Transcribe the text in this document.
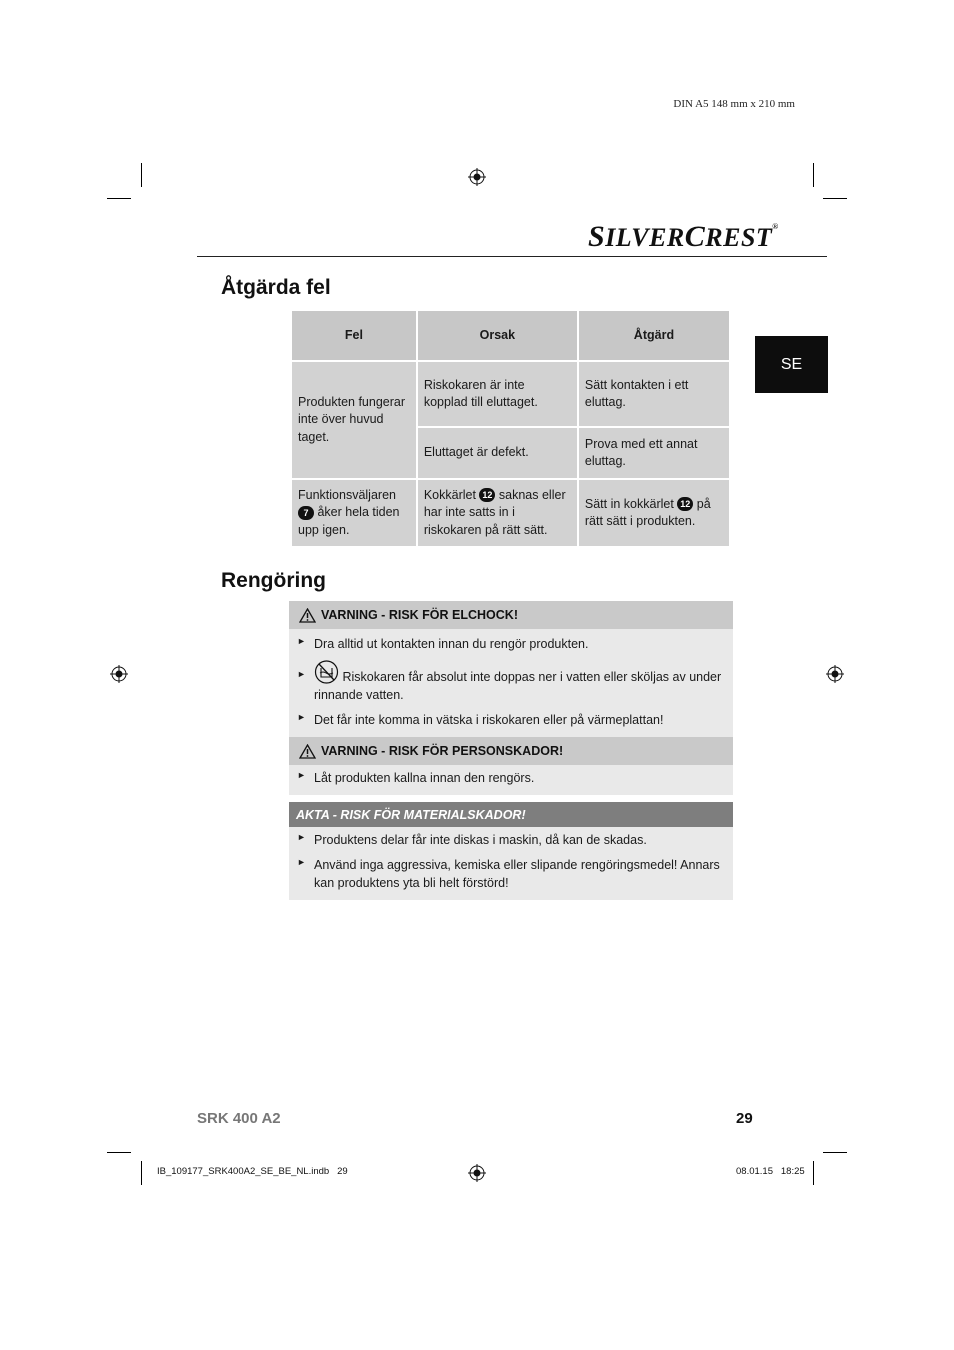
DIN A5 148 mm x 210 mm
SILVERCREST®
SE
Åtgärda fel
Fel	Orsak	Åtgärd
Produkten fungerar inte över huvud taget.	Riskokaren är inte kopplad till eluttaget.	Sätt kontakten i ett eluttag.
	Eluttaget är defekt.	Prova med ett annat eluttag.
Funktionsväljaren 7 åker hela tiden upp igen.	Kokkärlet 12 saknas eller har inte satts in i riskokaren på rätt sätt.	Sätt in kokkärlet 12 på rätt sätt i produkten.
Rengöring
VARNING - RISK FÖR ELCHOCK!
► Dra alltid ut kontakten innan du rengör produkten.
►	Riskokaren får absolut inte doppas ner i vatten eller sköljas av under rinnande vatten.
► Det får inte komma in vätska i riskokaren eller på värmeplattan!
VARNING - RISK FÖR PERSONSKADOR!
► Låt produkten kallna innan den rengörs.
AKTA - RISK FÖR MATERIALSKADOR!
► Produktens delar får inte diskas i maskin, då kan de skadas.
► Använd inga aggressiva, kemiska eller slipande rengöringsmedel! Annars kan produktens yta bli helt förstörd!
SRK 400 A2	29
IB_109177_SRK400A2_SE_BE_NL.indb   29	08.01.15   18:25
